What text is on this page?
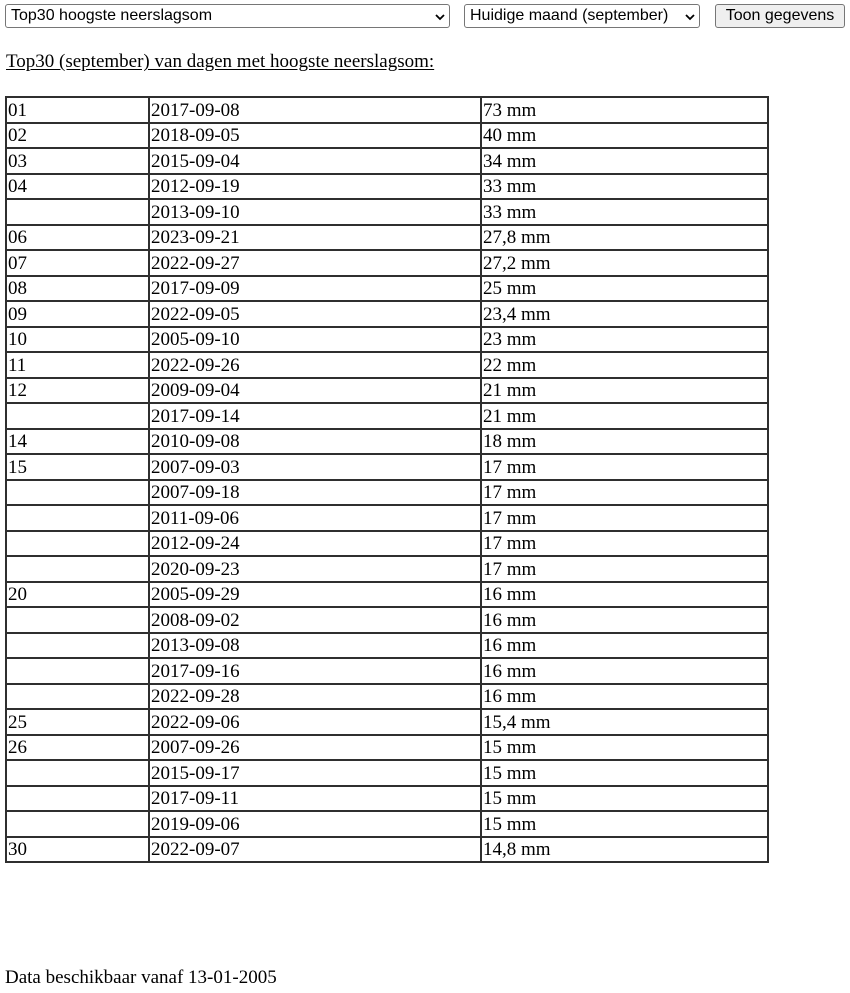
Top30 hoogste neerslagsom	Huidige maand (september)	Toon gegevens
Top30 (september) van dagen met hoogste neerslagsom:
01	2017-09-08	73 mm
02	2018-09-05	40 mm
03	2015-09-04	34 mm
04	2012-09-19	33 mm
	2013-09-10	33 mm
06	2023-09-21	27,8 mm
07	2022-09-27	27,2 mm
08	2017-09-09	25 mm
09	2022-09-05	23,4 mm
10	2005-09-10	23 mm
11	2022-09-26	22 mm
12	2009-09-04	21 mm
	2017-09-14	21 mm
14	2010-09-08	18 mm
15	2007-09-03	17 mm
	2007-09-18	17 mm
	2011-09-06	17 mm
	2012-09-24	17 mm
	2020-09-23	17 mm
20	2005-09-29	16 mm
	2008-09-02	16 mm
	2013-09-08	16 mm
	2017-09-16	16 mm
	2022-09-28	16 mm
25	2022-09-06	15,4 mm
26	2007-09-26	15 mm
	2015-09-17	15 mm
	2017-09-11	15 mm
	2019-09-06	15 mm
30	2022-09-07	14,8 mm
Data beschikbaar vanaf 13-01-2005
